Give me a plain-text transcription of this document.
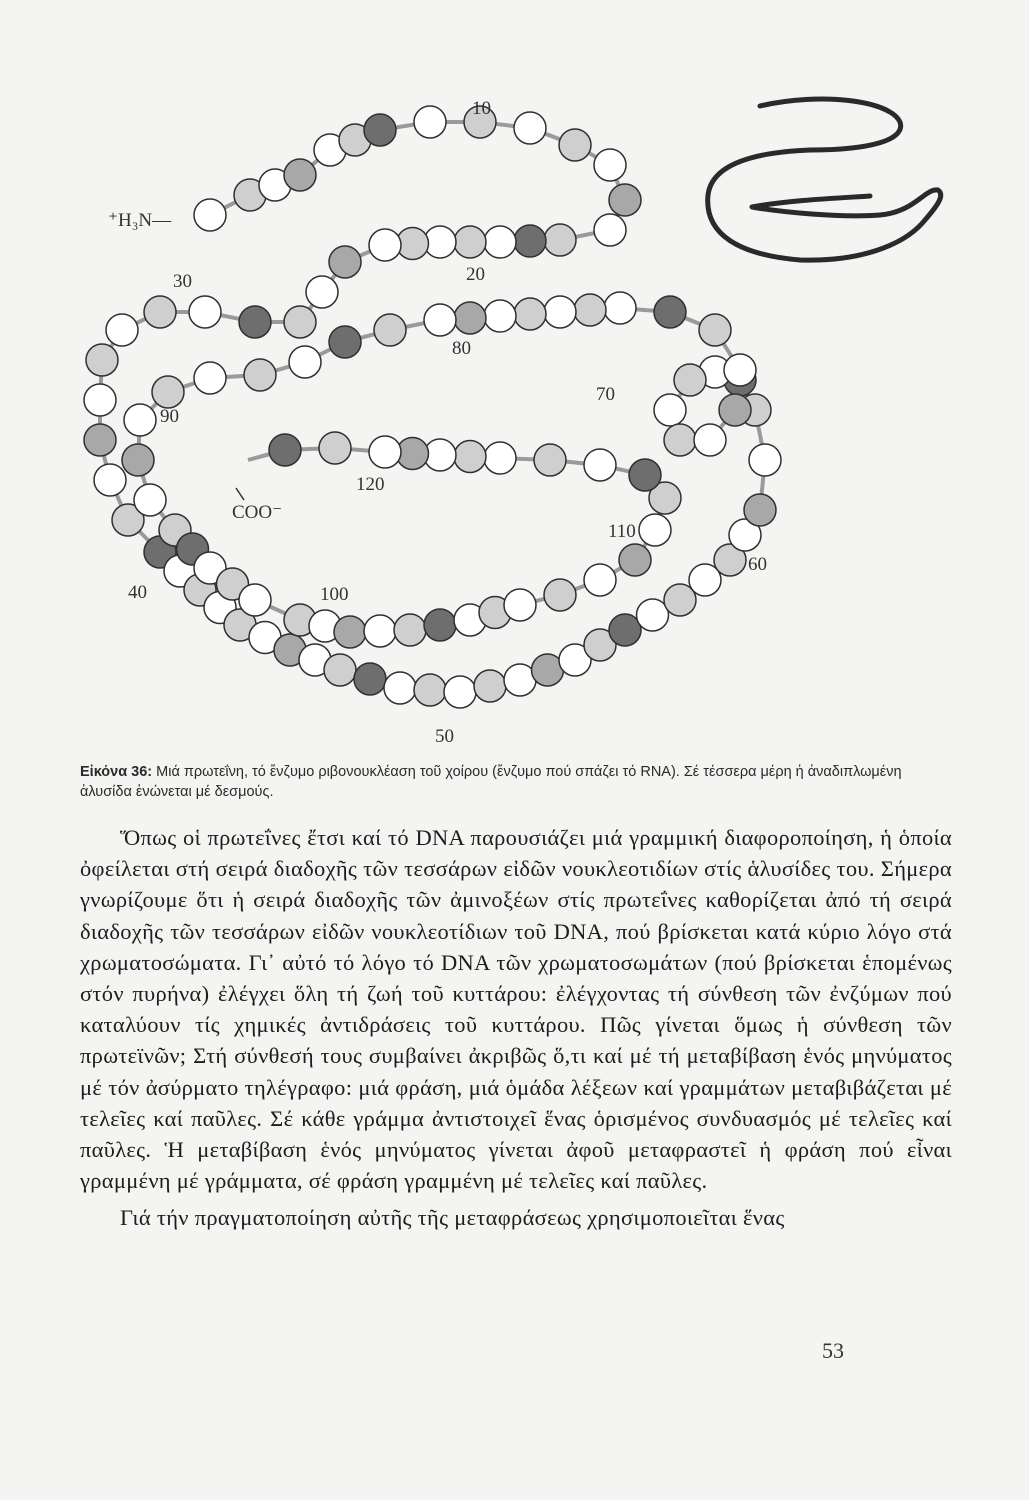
⁺H₃N—
COO⁻
10
20
30
40
50
60
70
80
90
100
110
120
Εἰκόνα 36: Μιά πρωτεΐνη, τό ἔνζυμο ριβονουκλέαση τοῦ χοίρου (ἔνζυμο πού σπάζει τό RNA). Σέ τέσσερα μέρη ἡ ἀναδιπλωμένη ἁλυσίδα ἑνώνεται μέ δεσμούς.

Ὅπως οἱ πρωτεΐνες ἔτσι καί τό DNA παρουσιάζει μιά γραμμική διαφοροποίηση, ἡ ὁποία ὀφείλεται στή σειρά διαδοχῆς τῶν τεσσάρων εἰδῶν νουκλεοτιδίων στίς ἁλυσίδες του. Σήμερα γνωρίζουμε ὅτι ἡ σειρά διαδοχῆς τῶν ἀμινοξέων στίς πρωτεΐνες καθορίζεται ἀπό τή σειρά διαδοχῆς τῶν τεσσάρων εἰδῶν νουκλεοτίδιων τοῦ DNA, πού βρίσκεται κατά κύριο λόγο στά χρωματοσώματα. Γι᾽ αὐτό τό λόγο τό DNA τῶν χρωματοσωμάτων (πού βρίσκεται ἑπομένως στόν πυρήνα) ἐλέγχει ὅλη τή ζωή τοῦ κυττάρου: ἐλέγχοντας τή σύνθεση τῶν ἐνζύμων πού καταλύουν τίς χημικές ἀντιδράσεις τοῦ κυττάρου. Πῶς γίνεται ὅμως ἡ σύνθεση τῶν πρωτεϊνῶν; Στή σύνθεσή τους συμβαίνει ἀκριβῶς ὅ,τι καί μέ τή μεταβίβαση ἑνός μηνύματος μέ τόν ἀσύρματο τηλέγραφο: μιά φράση, μιά ὁμάδα λέξεων καί γραμμάτων μεταβιβάζεται μέ τελεῖες καί παῦλες. Σέ κάθε γράμμα ἀντιστοιχεῖ ἕνας ὁρισμένος συνδυασμός μέ τελεῖες καί παῦλες. Ἡ μεταβίβαση ἑνός μηνύματος γίνεται ἀφοῦ μεταφραστεῖ ἡ φράση πού εἶναι γραμμένη μέ γράμματα, σέ φράση γραμμένη μέ τελεῖες καί παῦλες.

Γιά τήν πραγματοποίηση αὐτῆς τῆς μεταφράσεως χρησιμοποιεῖται ἕνας

53
